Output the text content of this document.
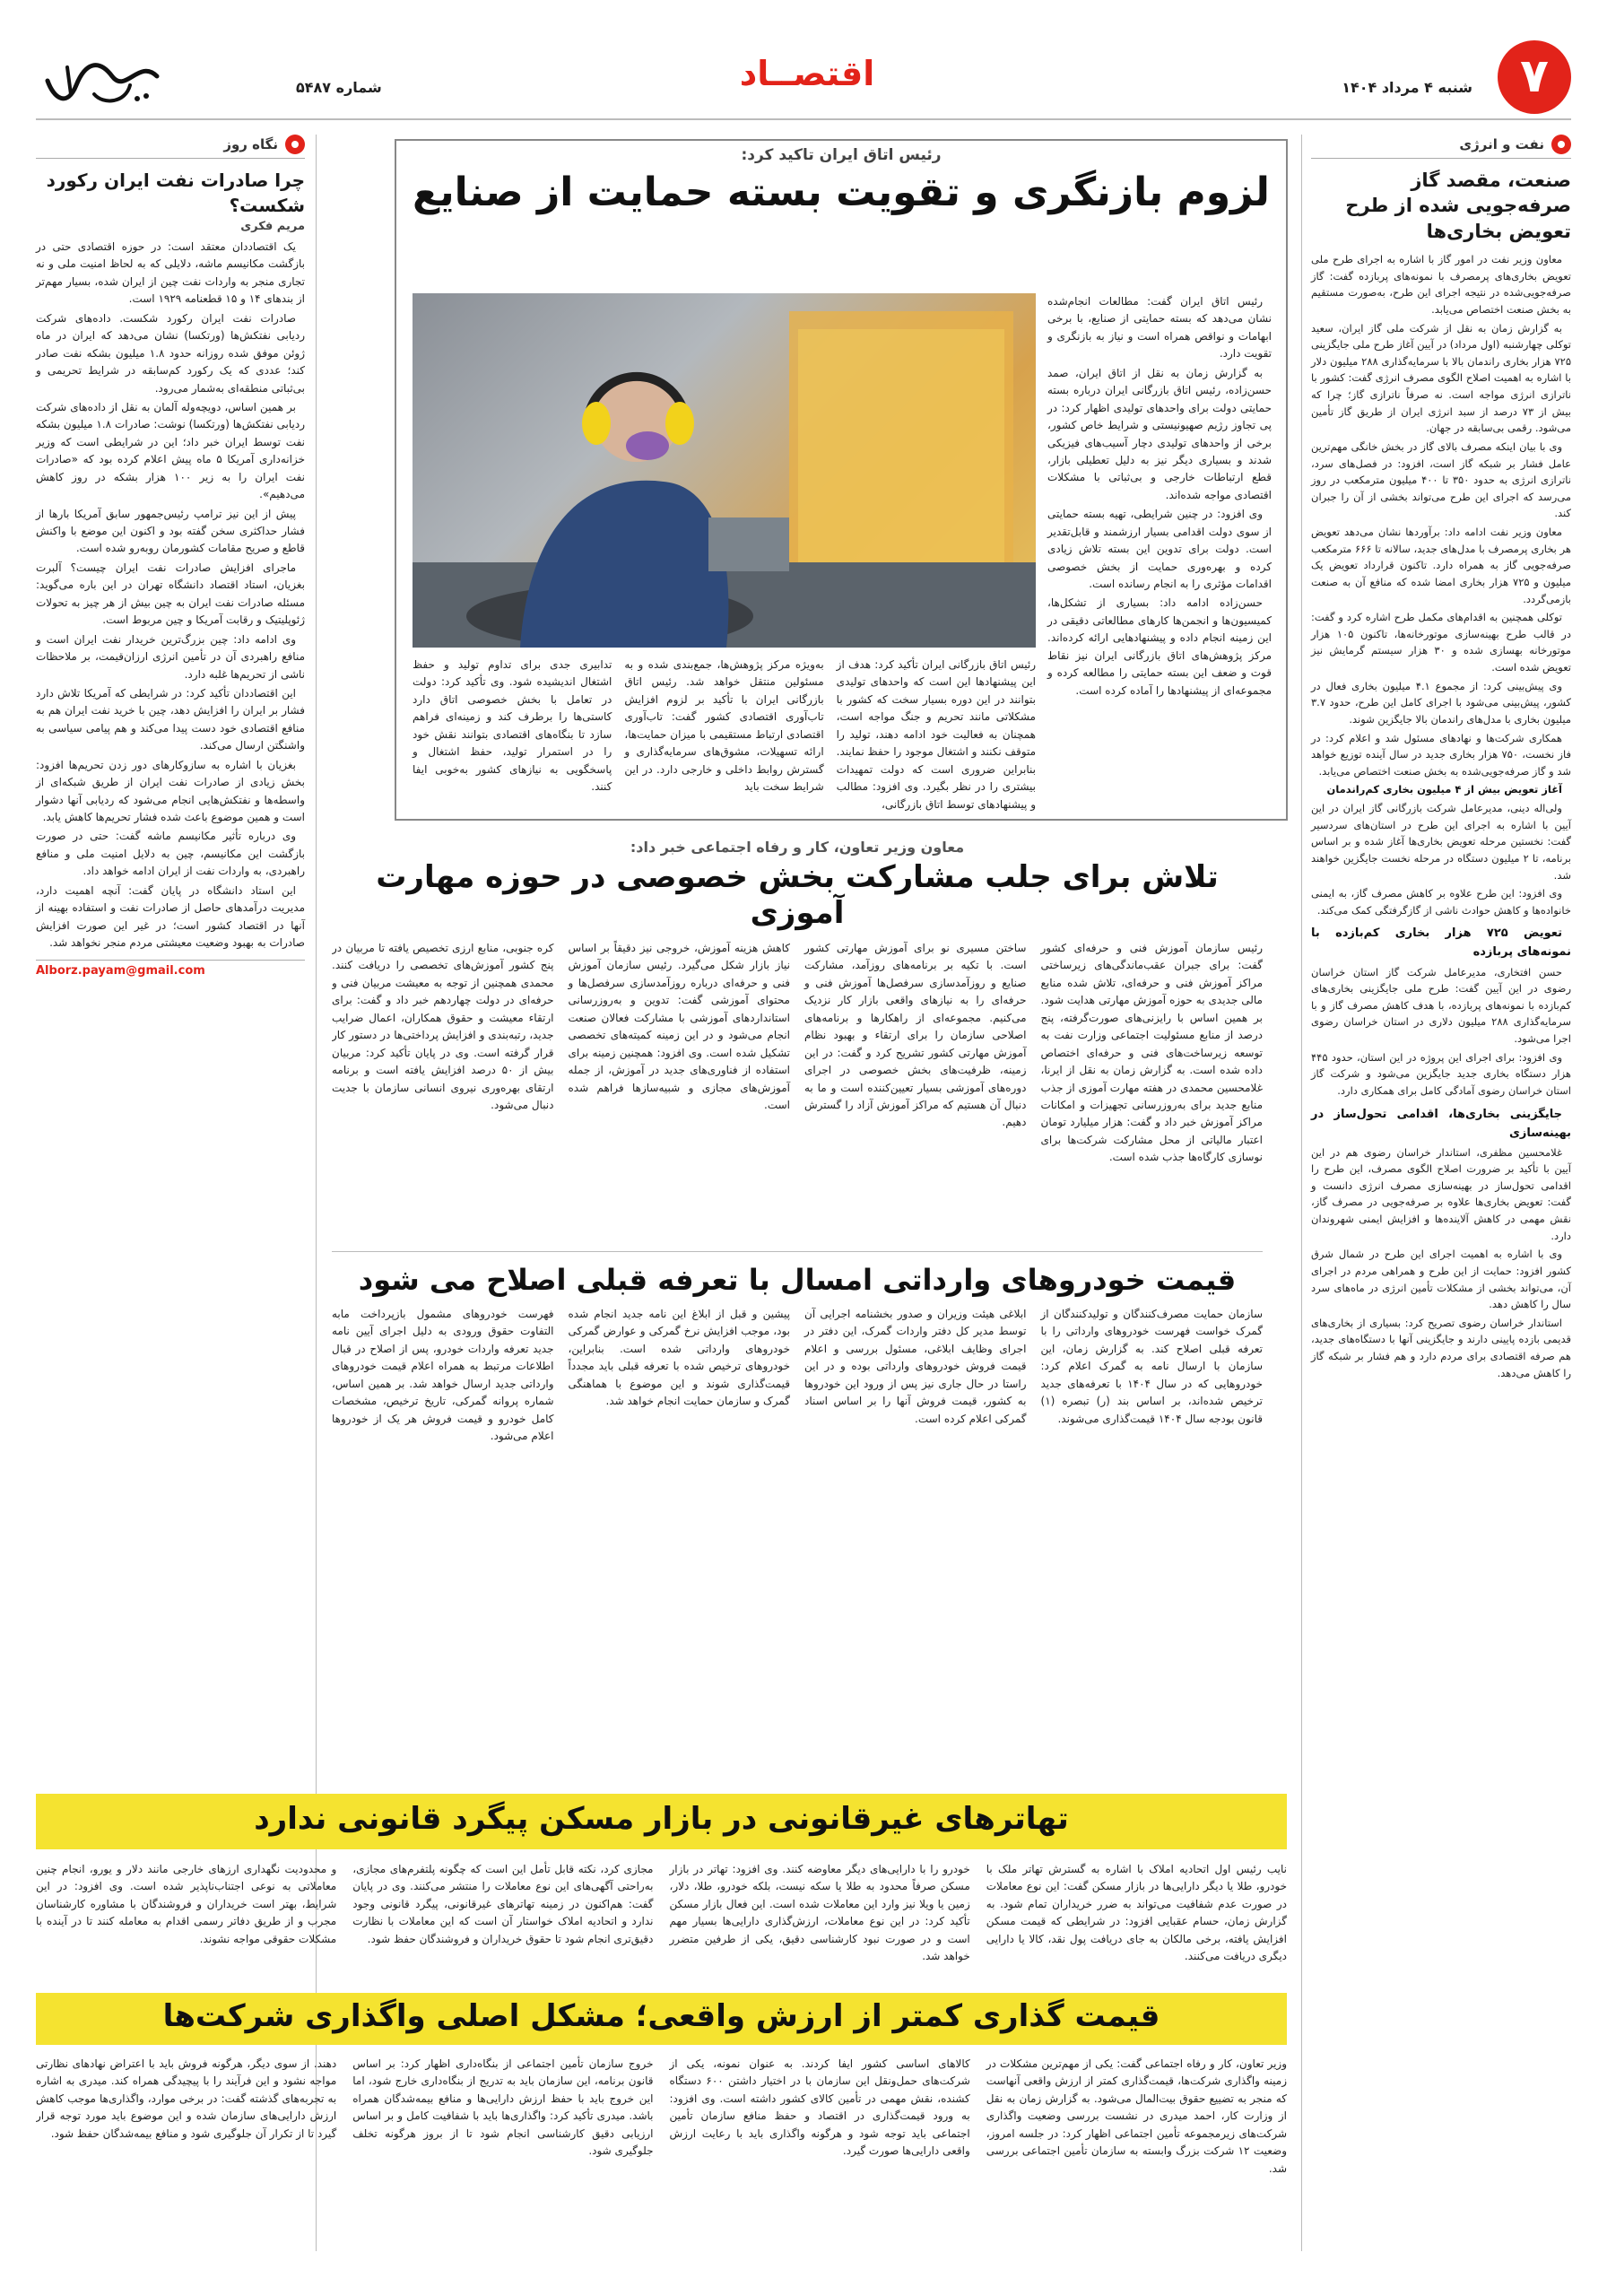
۷
شنبه ۴ مرداد ۱۴۰۴
اقتصــاد
شماره ۵۴۸۷
نفت و انرژی
صنعت، مقصد گاز صرفه‌جویی شده از طرح تعویض بخاری‌ها

معاون وزیر نفت در امور گاز با اشاره به اجرای طرح ملی تعویض بخاری‌های پرمصرف با نمونه‌های پربازده گفت: گاز صرفه‌جویی‌شده در نتیجه اجرای این طرح، به‌صورت مستقیم به بخش صنعت اختصاص می‌یابد.

به گزارش زمان به نقل از شرکت ملی گاز ایران، سعید توکلی چهارشنبه (اول مرداد) در آیین آغاز طرح ملی جایگزینی ۷۲۵ هزار بخاری راندمان بالا با سرمایه‌گذاری ۲۸۸ میلیون دلار با اشاره به اهمیت اصلاح الگوی مصرف انرژی گفت: کشور با ناترازی انرژی مواجه است. نه صرفاً ناترازی گاز؛ چرا که بیش از ۷۳ درصد از سبد انرژی ایران از طریق گاز تأمین می‌شود. رقمی بی‌سابقه در جهان.

وی با بیان اینکه مصرف بالای گاز در بخش خانگی مهم‌ترین عامل فشار بر شبکه گاز است، افزود: در فصل‌های سرد، ناترازی انرژی به حدود ۳۵۰ تا ۴۰۰ میلیون مترمکعب در روز می‌رسد که اجرای این طرح می‌تواند بخشی از آن را جبران کند.

معاون وزیر نفت ادامه داد: برآوردها نشان می‌دهد تعویض هر بخاری پرمصرف با مدل‌های جدید، سالانه تا ۶۶۶ مترمکعب صرفه‌جویی گاز به همراه دارد. تاکنون قرارداد تعویض یک میلیون و ۷۲۵ هزار بخاری امضا شده که منافع آن به صنعت بازمی‌گردد.

توکلی همچنین به اقدام‌های مکمل طرح اشاره کرد و گفت: در قالب طرح بهینه‌سازی موتورخانه‌ها، تاکنون ۱۰۵ هزار موتورخانه بهسازی شده و ۳۰ هزار سیستم گرمایش نیز تعویض شده است.

وی پیش‌بینی کرد: از مجموع ۴.۱ میلیون بخاری فعال در کشور، پیش‌بینی می‌شود با اجرای کامل این طرح، حدود ۳.۷ میلیون بخاری با مدل‌های راندمان بالا جایگزین شوند.

همکاری شرکت‌ها و نهادهای مسئول شد و اعلام کرد: در فاز نخست، ۷۵۰ هزار بخاری جدید در سال آینده توزیع خواهد شد و گاز صرفه‌جویی‌شده به بخش صنعت اختصاص می‌یابد.

آغاز تعویض بیش از ۴ میلیون بخاری کم‌راندمان

ولی‌اله دینی، مدیرعامل شرکت بازرگانی گاز ایران در این آیین با اشاره به اجرای این طرح در استان‌های سردسیر گفت: نخستین مرحله تعویض بخاری‌ها آغاز شده و بر اساس برنامه، تا ۲ میلیون دستگاه در مرحله نخست جایگزین خواهند شد.

وی افزود: این طرح علاوه بر کاهش مصرف گاز، به ایمنی خانواده‌ها و کاهش حوادث ناشی از گازگرفتگی کمک می‌کند.

تعویض ۷۲۵ هزار بخاری کم‌بازده با نمونه‌های پربازده

حسن افتخاری، مدیرعامل شرکت گاز استان خراسان رضوی در این آیین گفت: طرح ملی جایگزینی بخاری‌های کم‌بازده با نمونه‌های پربازده، با هدف کاهش مصرف گاز و با سرمایه‌گذاری ۲۸۸ میلیون دلاری در استان خراسان رضوی اجرا می‌شود.

وی افزود: برای اجرای این پروژه در این استان، حدود ۴۴۵ هزار دستگاه بخاری جدید جایگزین می‌شود و شرکت گاز استان خراسان رضوی آمادگی کامل برای همکاری دارد.

جایگزینی بخاری‌ها، اقدامی تحول‌ساز در بهینه‌سازی

غلامحسین مظفری، استاندار خراسان رضوی هم در این آیین با تأکید بر ضرورت اصلاح الگوی مصرف، این طرح را اقدامی تحول‌ساز در بهینه‌سازی مصرف انرژی دانست و گفت: تعویض بخاری‌ها علاوه بر صرفه‌جویی در مصرف گاز، نقش مهمی در کاهش آلاینده‌ها و افزایش ایمنی شهروندان دارد.

وی با اشاره به اهمیت اجرای این طرح در شمال شرق کشور افزود: حمایت از این طرح و همراهی مردم در اجرای آن، می‌تواند بخشی از مشکلات تأمین انرژی در ماه‌های سرد سال را کاهش دهد.

استاندار خراسان رضوی تصریح کرد: بسیاری از بخاری‌های قدیمی بازده پایینی دارند و جایگزینی آنها با دستگاه‌های جدید، هم صرفه اقتصادی برای مردم دارد و هم فشار بر شبکه گاز را کاهش می‌دهد.

نگاه روز
چرا صادرات نفت ایران رکورد شکست؟
مریم فکری

یک اقتصاددان معتقد است: در حوزه اقتصادی حتی در بازگشت مکانیسم ماشه، دلایلی که به لحاظ امنیت ملی و نه تجاری منجر به واردات نفت چین از ایران شده، بسیار مهم‌تر از بندهای ۱۴ و ۱۵ قطعنامه ۱۹۲۹ است.

صادرات نفت ایران رکورد شکست. داده‌های شرکت ردیابی نفتکش‌ها (ورتکسا) نشان می‌دهد که ایران در ماه ژوئن موفق شده روزانه حدود ۱.۸ میلیون بشکه نفت صادر کند؛ عددی که یک رکورد کم‌سابقه در شرایط تحریمی و بی‌ثباتی منطقه‌ای به‌شمار می‌رود.

بر همین اساس، دویچه‌وله آلمان به نقل از داده‌های شرکت ردیابی نفتکش‌ها (ورتکسا) نوشت: صادرات ۱.۸ میلیون بشکه نفت توسط ایران خبر داد؛ این در شرایطی است که وزیر خزانه‌داری آمریکا ۵ ماه پیش اعلام کرده بود که «صادرات نفت ایران را به زیر ۱۰۰ هزار بشکه در روز کاهش می‌دهیم».

پیش از این نیز ترامپ رئیس‌جمهور سابق آمریکا بارها از فشار حداکثری سخن گفته بود و اکنون این موضع با واکنش قاطع و صریح مقامات کشورمان روبه‌رو شده است.

ماجرای افزایش صادرات نفت ایران چیست؟ آلبرت بغزیان، استاد اقتصاد دانشگاه تهران در این باره می‌گوید: مسئله صادرات نفت ایران به چین بیش از هر چیز به تحولات ژئوپلیتیک و رقابت آمریکا و چین مربوط است.

وی ادامه داد: چین بزرگ‌ترین خریدار نفت ایران است و منافع راهبردی آن در تأمین انرژی ارزان‌قیمت، بر ملاحظات ناشی از تحریم‌ها غلبه دارد.

این اقتصاددان تأکید کرد: در شرایطی که آمریکا تلاش دارد فشار بر ایران را افزایش دهد، چین با خرید نفت ایران هم به منافع اقتصادی خود دست پیدا می‌کند و هم پیامی سیاسی به واشنگتن ارسال می‌کند.

بغزیان با اشاره به سازوکارهای دور زدن تحریم‌ها افزود: بخش زیادی از صادرات نفت ایران از طریق شبکه‌ای از واسطه‌ها و نفتکش‌هایی انجام می‌شود که ردیابی آنها دشوار است و همین موضوع باعث شده فشار تحریم‌ها کاهش یابد.

وی درباره تأثیر مکانیسم ماشه گفت: حتی در صورت بازگشت این مکانیسم، چین به دلایل امنیت ملی و منافع راهبردی، به واردات نفت از ایران ادامه خواهد داد.

این استاد دانشگاه در پایان گفت: آنچه اهمیت دارد، مدیریت درآمدهای حاصل از صادرات نفت و استفاده بهینه از آنها در اقتصاد کشور است؛ در غیر این صورت افزایش صادرات به بهبود وضعیت معیشتی مردم منجر نخواهد شد.

Alborz.payam@gmail.com
رئیس اتاق ایران تاکید کرد:
لزوم بازنگری و تقویت بسته حمایت از صنایع

رئیس اتاق ایران گفت: مطالعات انجام‌شده نشان می‌دهد که بسته حمایتی از صنایع، با برخی ابهامات و نواقص همراه است و نیاز به بازنگری و تقویت دارد.

به گزارش زمان به نقل از اتاق ایران، صمد حسن‌زاده، رئیس اتاق بازرگانی ایران درباره بسته حمایتی دولت برای واحدهای تولیدی اظهار کرد: در پی تجاوز رژیم صهیونیستی و شرایط خاص کشور، برخی از واحدهای تولیدی دچار آسیب‌های فیزیکی شدند و بسیاری دیگر نیز به دلیل تعطیلی بازار، قطع ارتباطات خارجی و بی‌ثباتی با مشکلات اقتصادی مواجه شده‌اند.

وی افزود: در چنین شرایطی، تهیه بسته حمایتی از سوی دولت اقدامی بسیار ارزشمند و قابل‌تقدیر است. دولت برای تدوین این بسته تلاش زیادی کرده و بهره‌وری حمایت از بخش خصوصی اقدامات مؤثری را به انجام رسانده است.

حسن‌زاده ادامه داد: بسیاری از تشکل‌ها، کمیسیون‌ها و انجمن‌ها کارهای مطالعاتی دقیقی در این زمینه انجام داده و پیشنهادهایی ارائه کرده‌اند. مرکز پژوهش‌های اتاق بازرگانی ایران نیز نقاط قوت و ضعف این بسته حمایتی را مطالعه کرده و مجموعه‌ای از پیشنهادها را آماده کرده است.

رئیس اتاق بازرگانی ایران تأکید کرد: هدف از این پیشنهادها این است که واحدهای تولیدی بتوانند در این دوره بسیار سخت که کشور با مشکلاتی مانند تحریم و جنگ مواجه است، همچنان به فعالیت خود ادامه دهند، تولید را متوقف نکنند و اشتغال موجود را حفظ نمایند. بنابراین ضروری است که دولت تمهیدات بیشتری را در نظر بگیرد. وی افزود: مطالب و پیشنهادهای توسط اتاق بازرگانی،
به‌ویژه مرکز پژوهش‌ها، جمع‌بندی شده و به مسئولین منتقل خواهد شد. رئیس اتاق بازرگانی ایران با تأکید بر لزوم افزایش تاب‌آوری اقتصادی کشور گفت: تاب‌آوری اقتصادی ارتباط مستقیمی با میزان حمایت‌ها، ارائه تسهیلات، مشوق‌های سرمایه‌گذاری و گسترش روابط داخلی و خارجی دارد. در این شرایط سخت باید
تدابیری جدی برای تداوم تولید و حفظ اشتغال اندیشیده شود. وی تأکید کرد: دولت در تعامل با بخش خصوصی اتاق دارد کاستی‌ها را برطرف کند و زمینه‌ای فراهم سازد تا بنگاه‌های اقتصادی بتوانند نقش خود را در استمرار تولید، حفظ اشتغال و پاسخگویی به نیازهای کشور به‌خوبی ایفا کنند.
معاون وزیر تعاون، کار و رفاه اجتماعی خبر داد:
تلاش برای جلب مشارکت بخش خصوصی در حوزه مهارت آموزی
رئیس سازمان آموزش فنی و حرفه‌ای کشور گفت: برای جبران عقب‌ماندگی‌های زیرساختی مراکز آموزش فنی و حرفه‌ای، تلاش شده منابع مالی جدیدی به حوزه آموزش مهارتی هدایت شود. بر همین اساس با رایزنی‌های صورت‌گرفته، پنج درصد از منابع مسئولیت اجتماعی وزارت نفت به توسعه زیرساخت‌های فنی و حرفه‌ای اختصاص داده شده است. به گزارش زمان به نقل از ایرنا، غلامحسین محمدی در هفته مهارت آموزی از جذب منابع جدید برای به‌روزرسانی تجهیزات و امکانات مراکز آموزش خبر داد و گفت: هزار میلیارد تومان اعتبار مالیاتی از محل مشارکت شرکت‌ها برای نوسازی کارگاه‌ها جذب شده است.
ساختن مسیری نو برای آموزش مهارتی کشور است. با تکیه بر برنامه‌های روزآمد، مشارکت صنایع و روزآمدسازی سرفصل‌ها آموزش فنی و حرفه‌ای را به نیازهای واقعی بازار کار نزدیک می‌کنیم. مجموعه‌ای از راهکارها و برنامه‌های اصلاحی سازمان را برای ارتقاء و بهبود نظام آموزش مهارتی کشور تشریح کرد و گفت: در این زمینه، ظرفیت‌های بخش خصوصی در اجرای دوره‌های آموزشی بسیار تعیین‌کننده است و ما به دنبال آن هستیم که مراکز آموزش آزاد را گسترش دهیم.
کاهش هزینه آموزش، خروجی نیز دقیقاً بر اساس نیاز بازار شکل می‌گیرد. رئیس سازمان آموزش فنی و حرفه‌ای درباره روزآمدسازی سرفصل‌ها و محتوای آموزشی گفت: تدوین و به‌روزرسانی استانداردهای آموزشی با مشارکت فعالان صنعت انجام می‌شود و در این زمینه کمیته‌های تخصصی تشکیل شده است. وی افزود: همچنین زمینه برای استفاده از فناوری‌های جدید در آموزش، از جمله آموزش‌های مجازی و شبیه‌سازها فراهم شده است.
کره جنوبی، منابع ارزی تخصیص یافته تا مربیان در پنج کشور آموزش‌های تخصصی را دریافت کنند. محمدی همچنین از توجه به معیشت مربیان فنی و حرفه‌ای در دولت چهاردهم خبر داد و گفت: برای ارتقاء معیشت و حقوق همکاران، اعمال ضرایب جدید، رتبه‌بندی و افزایش پرداختی‌ها در دستور کار قرار گرفته است. وی در پایان تأکید کرد: مربیان بیش از ۵۰ درصد افزایش یافته است و برنامه ارتقای بهره‌وری نیروی انسانی سازمان با جدیت دنبال می‌شود.
قیمت خودروهای وارداتی امسال با تعرفه قبلی اصلاح می شود
سازمان حمایت مصرف‌کنندگان و تولیدکنندگان از گمرک خواست فهرست خودروهای وارداتی را با تعرفه قبلی اصلاح کند. به گزارش زمان، این سازمان با ارسال نامه به گمرک اعلام کرد: خودروهایی که در سال ۱۴۰۴ با تعرفه‌های جدید ترخیص شده‌اند، بر اساس بند (ر) تبصره (۱) قانون بودجه سال ۱۴۰۴ قیمت‌گذاری می‌شوند.
ابلاغی هیئت وزیران و صدور بخشنامه اجرایی آن توسط مدیر کل دفتر واردات گمرک، این دفتر در اجرای وظایف ابلاغی، مسئول بررسی و اعلام قیمت فروش خودروهای وارداتی بوده و در این راستا در حال جاری نیز پس از ورود این خودروها به کشور، قیمت فروش آنها را بر اساس اسناد گمرکی اعلام کرده است.
پیشین و قبل از ابلاغ این نامه جدید انجام شده بود، موجب افزایش نرخ گمرکی و عوارض گمرکی خودروهای وارداتی شده است. بنابراین، خودروهای ترخیص شده با تعرفه قبلی باید مجدداً قیمت‌گذاری شوند و این موضوع با هماهنگی گمرک و سازمان حمایت انجام خواهد شد.
فهرست خودروهای مشمول بازپرداخت مابه التفاوت حقوق ورودی به دلیل اجرای آیین نامه جدید تعرفه واردات خودرو، پس از اصلاح در قبال اطلاعات مرتبط به همراه اعلام قیمت خودروهای وارداتی جدید ارسال خواهد شد. بر همین اساس، شماره پروانه گمرکی، تاریخ ترخیص، مشخصات کامل خودرو و قیمت فروش هر یک از خودروها اعلام می‌شود.
تهاترهای غیرقانونی در بازار مسکن پیگرد قانونی ندارد
نایب رئیس اول اتحادیه املاک با اشاره به گسترش تهاتر ملک با خودرو، طلا یا دیگر دارایی‌ها در بازار مسکن گفت: این نوع معاملات در صورت عدم شفافیت می‌تواند به ضرر خریداران تمام شود. به گزارش زمان، حسام عقبایی افزود: در شرایطی که قیمت مسکن افزایش یافته، برخی مالکان به جای دریافت پول نقد، کالا یا دارایی دیگری دریافت می‌کنند.
خودرو را با دارایی‌های دیگر معاوضه کنند. وی افزود: تهاتر در بازار مسکن صرفاً محدود به طلا یا سکه نیست، بلکه خودرو، طلا، دلار، زمین یا ویلا نیز وارد این معاملات شده است. این فعال بازار مسکن تأکید کرد: در این نوع معاملات، ارزش‌گذاری دارایی‌ها بسیار مهم است و در صورت نبود کارشناسی دقیق، یکی از طرفین متضرر خواهد شد.
مجازی کرد، نکته قابل تأمل این است که چگونه پلتفرم‌های مجازی، به‌راحتی آگهی‌های این نوع معاملات را منتشر می‌کنند. وی در پایان گفت: هم‌اکنون در زمینه تهاترهای غیرقانونی، پیگرد قانونی وجود ندارد و اتحادیه املاک خواستار آن است که این معاملات با نظارت دقیق‌تری انجام شود تا حقوق خریداران و فروشندگان حفظ شود.
و محدودیت نگهداری ارزهای خارجی مانند دلار و یورو، انجام چنین معاملاتی به نوعی اجتناب‌ناپذیر شده است. وی افزود: در این شرایط، بهتر است خریداران و فروشندگان با مشاوره کارشناسان مجرب و از طریق دفاتر رسمی اقدام به معامله کنند تا در آینده با مشکلات حقوقی مواجه نشوند.
قیمت گذاری کمتر از ارزش واقعی؛ مشکل اصلی واگذاری شرکت‌ها
وزیر تعاون، کار و رفاه اجتماعی گفت: یکی از مهم‌ترین مشکلات در زمینه واگذاری شرکت‌ها، قیمت‌گذاری کمتر از ارزش واقعی آنهاست که منجر به تضییع حقوق بیت‌المال می‌شود. به گزارش زمان به نقل از وزارت کار، احمد میدری در نشست بررسی وضعیت واگذاری شرکت‌های زیرمجموعه تأمین اجتماعی اظهار کرد: در جلسه امروز، وضعیت ۱۲ شرکت بزرگ وابسته به سازمان تأمین اجتماعی بررسی شد.
کالاهای اساسی کشور ایفا کردند. به عنوان نمونه، یکی از شرکت‌های حمل‌ونقل این سازمان با در اختیار داشتن ۶۰۰ دستگاه کشنده، نقش مهمی در تأمین کالای کشور داشته است. وی افزود: به ورود قیمت‌گذاری در اقتصاد و حفظ منافع سازمان تأمین اجتماعی باید توجه شود و هرگونه واگذاری باید با رعایت ارزش واقعی دارایی‌ها صورت گیرد.
خروج سازمان تأمین اجتماعی از بنگاه‌داری اظهار کرد: بر اساس قانون برنامه، این سازمان باید به تدریج از بنگاه‌داری خارج شود، اما این خروج باید با حفظ ارزش دارایی‌ها و منافع بیمه‌شدگان همراه باشد. میدری تأکید کرد: واگذاری‌ها باید با شفافیت کامل و بر اساس ارزیابی دقیق کارشناسی انجام شود تا از بروز هرگونه تخلف جلوگیری شود.
دهند. از سوی دیگر، هرگونه فروش باید با اعتراض نهادهای نظارتی مواجه نشود و این فرآیند را با پیچیدگی همراه کند. میدری به اشاره به تجربه‌های گذشته گفت: در برخی موارد، واگذاری‌ها موجب کاهش ارزش دارایی‌های سازمان شده و این موضوع باید مورد توجه قرار گیرد تا از تکرار آن جلوگیری شود و منافع بیمه‌شدگان حفظ شود.
